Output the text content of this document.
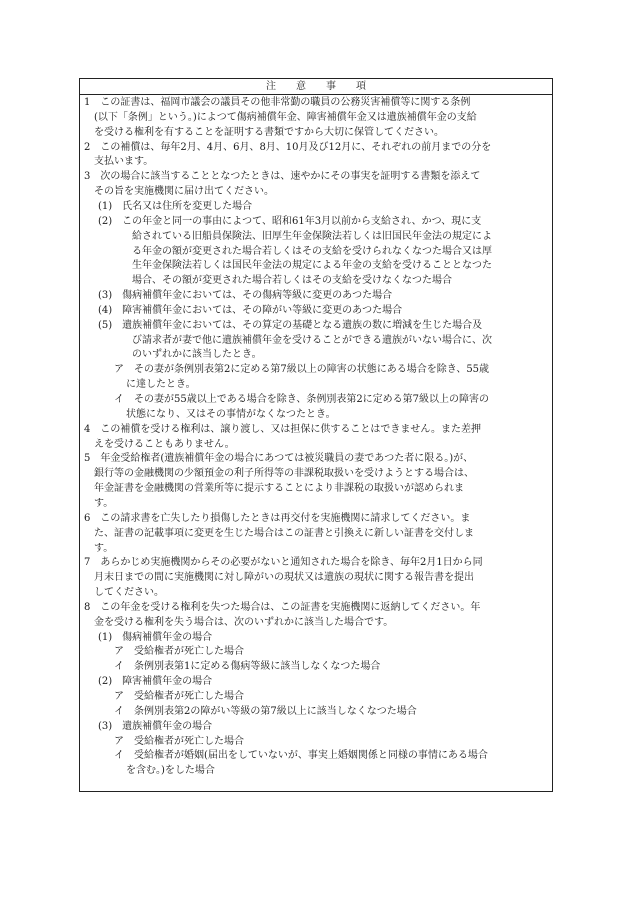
注　　意　　事　　項
1　この証書は、福岡市議会の議員その他非常勤の職員の公務災害補償等に関する条例
(以下「条例」という。)によつて傷病補償年金、障害補償年金又は遺族補償年金の支給
を受ける権利を有することを証明する書類ですから大切に保管してください。
2　この補償は、毎年2月、4月、6月、8月、10月及び12月に、それぞれの前月までの分を
支払います。
3　次の場合に該当することとなつたときは、速やかにその事実を証明する書類を添えて
その旨を実施機関に届け出てください。
(1)　氏名又は住所を変更した場合
(2)　この年金と同一の事由によつて、昭和61年3月以前から支給され、かつ、現に支
給されている旧船員保険法、旧厚生年金保険法若しくは旧国民年金法の規定によ
る年金の額が変更された場合若しくはその支給を受けられなくなつた場合又は厚
生年金保険法若しくは国民年金法の規定による年金の支給を受けることとなつた
場合、その額が変更された場合若しくはその支給を受けなくなつた場合
(3)　傷病補償年金においては、その傷病等級に変更のあつた場合
(4)　障害補償年金においては、その障がい等級に変更のあつた場合
(5)　遺族補償年金においては、その算定の基礎となる遺族の数に増減を生じた場合及
び請求者が妻で他に遺族補償年金を受けることができる遺族がいない場合に、次
のいずれかに該当したとき。
ア　その妻が条例別表第2に定める第7級以上の障害の状態にある場合を除き、55歳
に達したとき。
イ　その妻が55歳以上である場合を除き、条例別表第2に定める第7級以上の障害の
状態になり、又はその事情がなくなつたとき。
4　この補償を受ける権利は、譲り渡し、又は担保に供することはできません。また差押
えを受けることもありません。
5　年金受給権者(遺族補償年金の場合にあつては被災職員の妻であつた者に限る。)が、
銀行等の金融機関の少額預金の利子所得等の非課税取扱いを受けようとする場合は、
年金証書を金融機関の営業所等に提示することにより非課税の取扱いが認められま
す。
6　この請求書を亡失したり損傷したときは再交付を実施機関に請求してください。ま
た、証書の記載事項に変更を生じた場合はこの証書と引換えに新しい証書を交付しま
す。
7　あらかじめ実施機関からその必要がないと通知された場合を除き、毎年2月1日から同
月末日までの間に実施機関に対し障がいの現状又は遺族の現状に関する報告書を提出
してください。
8　この年金を受ける権利を失つた場合は、この証書を実施機関に返納してください。年
金を受ける権利を失う場合は、次のいずれかに該当した場合です。
(1)　傷病補償年金の場合
ア　受給権者が死亡した場合
イ　条例別表第1に定める傷病等級に該当しなくなつた場合
(2)　障害補償年金の場合
ア　受給権者が死亡した場合
イ　条例別表第2の障がい等級の第7級以上に該当しなくなつた場合
(3)　遺族補償年金の場合
ア　受給権者が死亡した場合
イ　受給権者が婚姻(届出をしていないが、事実上婚姻関係と同様の事情にある場合
を含む。)をした場合
